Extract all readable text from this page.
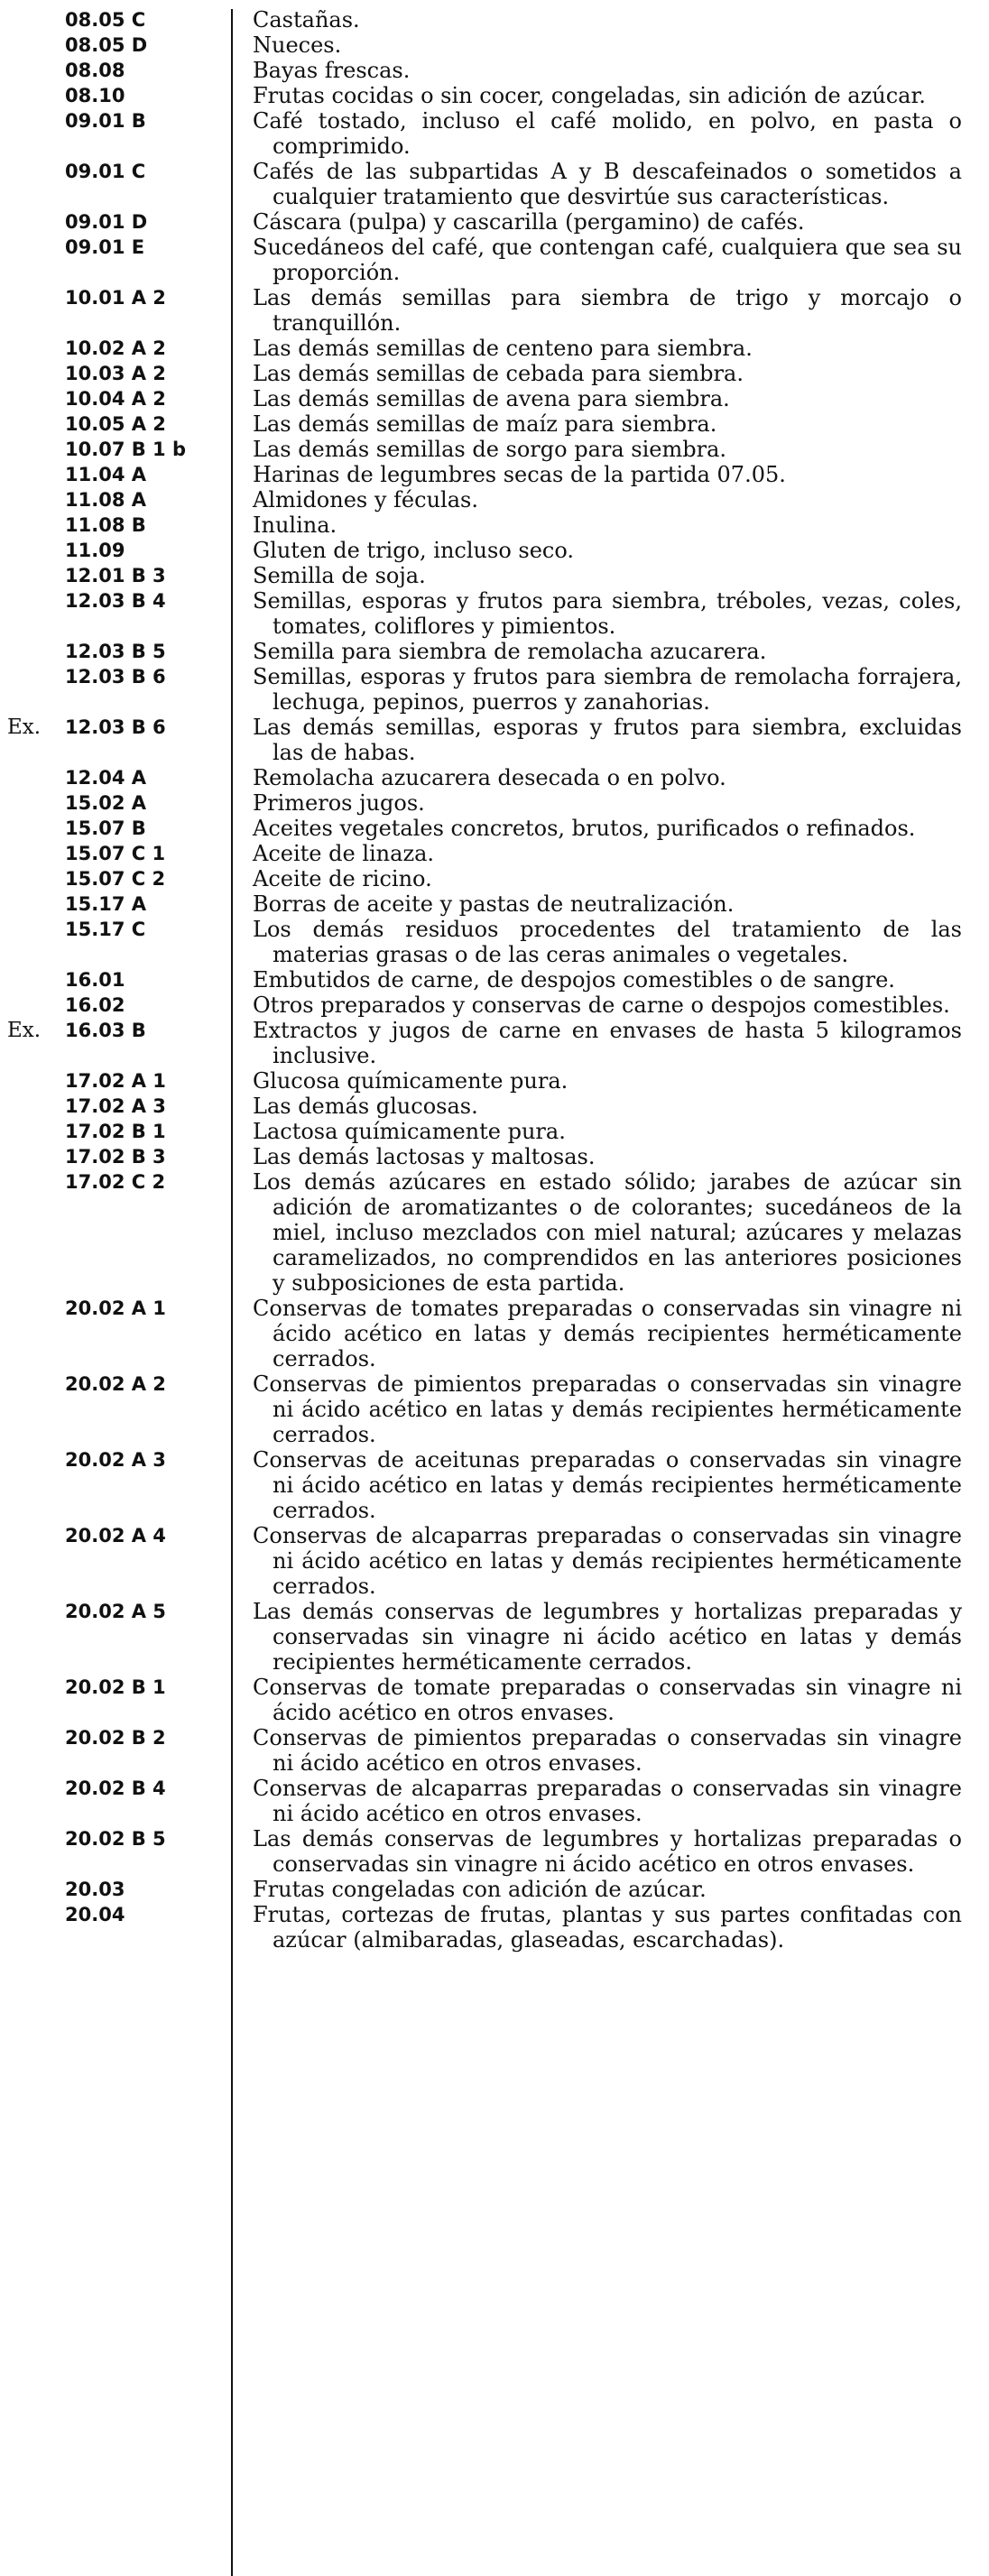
08.05 C	Castañas.
08.05 D	Nueces.
08.08	Bayas frescas.
08.10	Frutas cocidas o sin cocer, congeladas, sin adición de azúcar.
09.01 B	Café tostado, incluso el café molido, en polvo, en pasta o comprimido.
09.01 C	Cafés de las subpartidas A y B descafeinados o sometidos a cualquier tratamiento que desvirtúe sus características.
09.01 D	Cáscara (pulpa) y cascarilla (pergamino) de cafés.
09.01 E	Sucedáneos del café, que contengan café, cualquiera que sea su proporción.
10.01 A 2	Las demás semillas para siembra de trigo y morcajo o tranquillón.
10.02 A 2	Las demás semillas de centeno para siembra.
10.03 A 2	Las demás semillas de cebada para siembra.
10.04 A 2	Las demás semillas de avena para siembra.
10.05 A 2	Las demás semillas de maíz para siembra.
10.07 B 1 b	Las demás semillas de sorgo para siembra.
11.04 A	Harinas de legumbres secas de la partida 07.05.
11.08 A	Almidones y féculas.
11.08 B	Inulina.
11.09	Gluten de trigo, incluso seco.
12.01 B 3	Semilla de soja.
12.03 B 4	Semillas, esporas y frutos para siembra, tréboles, vezas, coles, tomates, coliflores y pimientos.
12.03 B 5	Semilla para siembra de remolacha azucarera.
12.03 B 6	Semillas, esporas y frutos para siembra de remolacha forrajera, lechuga, pepinos, puerros y zanahorias.
Ex. 12.03 B 6	Las demás semillas, esporas y frutos para siembra, excluidas las de habas.
12.04 A	Remolacha azucarera desecada o en polvo.
15.02 A	Primeros jugos.
15.07 B	Aceites vegetales concretos, brutos, purificados o refinados.
15.07 C 1	Aceite de linaza.
15.07 C 2	Aceite de ricino.
15.17 A	Borras de aceite y pastas de neutralización.
15.17 C	Los demás residuos procedentes del tratamiento de las materias grasas o de las ceras animales o vegetales.
16.01	Embutidos de carne, de despojos comestibles o de sangre.
16.02	Otros preparados y conservas de carne o despojos comestibles.
Ex. 16.03 B	Extractos y jugos de carne en envases de hasta 5 kilogramos inclusive.
17.02 A 1	Glucosa químicamente pura.
17.02 A 3	Las demás glucosas.
17.02 B 1	Lactosa químicamente pura.
17.02 B 3	Las demás lactosas y maltosas.
17.02 C 2	Los demás azúcares en estado sólido; jarabes de azúcar sin adición de aromatizantes o de colorantes; sucedáneos de la miel, incluso mezclados con miel natural; azúcares y melazas caramelizados, no comprendidos en las anteriores posiciones y subposiciones de esta partida.
20.02 A 1	Conservas de tomates preparadas o conservadas sin vinagre ni ácido acético en latas y demás recipientes herméticamente cerrados.
20.02 A 2	Conservas de pimientos preparadas o conservadas sin vinagre ni ácido acético en latas y demás recipientes herméticamente cerrados.
20.02 A 3	Conservas de aceitunas preparadas o conservadas sin vinagre ni ácido acético en latas y demás recipientes herméticamente cerrados.
20.02 A 4	Conservas de alcaparras preparadas o conservadas sin vinagre ni ácido acético en latas y demás recipientes herméticamente cerrados.
20.02 A 5	Las demás conservas de legumbres y hortalizas preparadas y conservadas sin vinagre ni ácido acético en latas y demás recipientes herméticamente cerrados.
20.02 B 1	Conservas de tomate preparadas o conservadas sin vinagre ni ácido acético en otros envases.
20.02 B 2	Conservas de pimientos preparadas o conservadas sin vinagre ni ácido acético en otros envases.
20.02 B 4	Conservas de alcaparras preparadas o conservadas sin vinagre ni ácido acético en otros envases.
20.02 B 5	Las demás conservas de legumbres y hortalizas preparadas o conservadas sin vinagre ni ácido acético en otros envases.
20.03	Frutas congeladas con adición de azúcar.
20.04	Frutas, cortezas de frutas, plantas y sus partes confitadas con azúcar (almibaradas, glaseadas, escarchadas).
